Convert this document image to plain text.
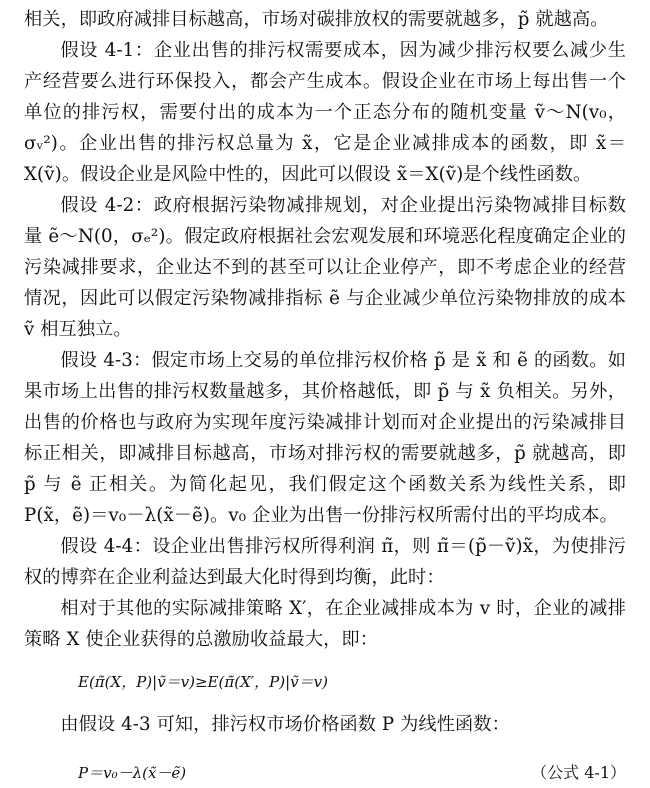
相关，即政府减排目标越高，市场对碳排放权的需要就越多，p̃ 就越高。

假设 4-1：企业出售的排污权需要成本，因为减少排污权要么减少生产经营要么进行环保投入，都会产生成本。假设企业在市场上每出售一个单位的排污权，需要付出的成本为一个正态分布的随机变量 ṽ～N(v₀，σᵥ²)。企业出售的排污权总量为 x̃，它是企业减排成本的函数，即 x̃＝X(ṽ)。假设企业是风险中性的，因此可以假设 x̃＝X(ṽ)是个线性函数。

假设 4-2：政府根据污染物减排规划，对企业提出污染物减排目标数量 ẽ～N(0，σₑ²)。假定政府根据社会宏观发展和环境恶化程度确定企业的污染减排要求，企业达不到的甚至可以让企业停产，即不考虑企业的经营情况，因此可以假定污染物减排指标 ẽ 与企业减少单位污染物排放的成本 ṽ 相互独立。

假设 4-3：假定市场上交易的单位排污权价格 p̃ 是 x̃ 和 ẽ 的函数。如果市场上出售的排污权数量越多，其价格越低，即 p̃ 与 x̃ 负相关。另外，出售的价格也与政府为实现年度污染减排计划而对企业提出的污染减排目标正相关，即减排目标越高，市场对排污权的需要就越多，p̃ 就越高，即 p̃ 与 ẽ 正相关。为简化起见，我们假定这个函数关系为线性关系，即 P(x̃，ẽ)＝v₀－λ(x̃－ẽ)。v₀ 企业为出售一份排污权所需付出的平均成本。

假设 4-4：设企业出售排污权所得利润 π̃，则 π̃＝(p̃－ṽ)x̃，为使排污权的博弈在企业利益达到最大化时得到均衡，此时：

相对于其他的实际减排策略 X′，在企业减排成本为 v 时，企业的减排策略 X 使企业获得的总激励收益最大，即：

E(π̃(X，P)|ṽ＝v)≥E(π̃(X′，P)|ṽ＝v)

由假设 4-3 可知，排污权市场价格函数 P 为线性函数：

P＝v₀－λ(x̃－ẽ)	（公式 4-1）
